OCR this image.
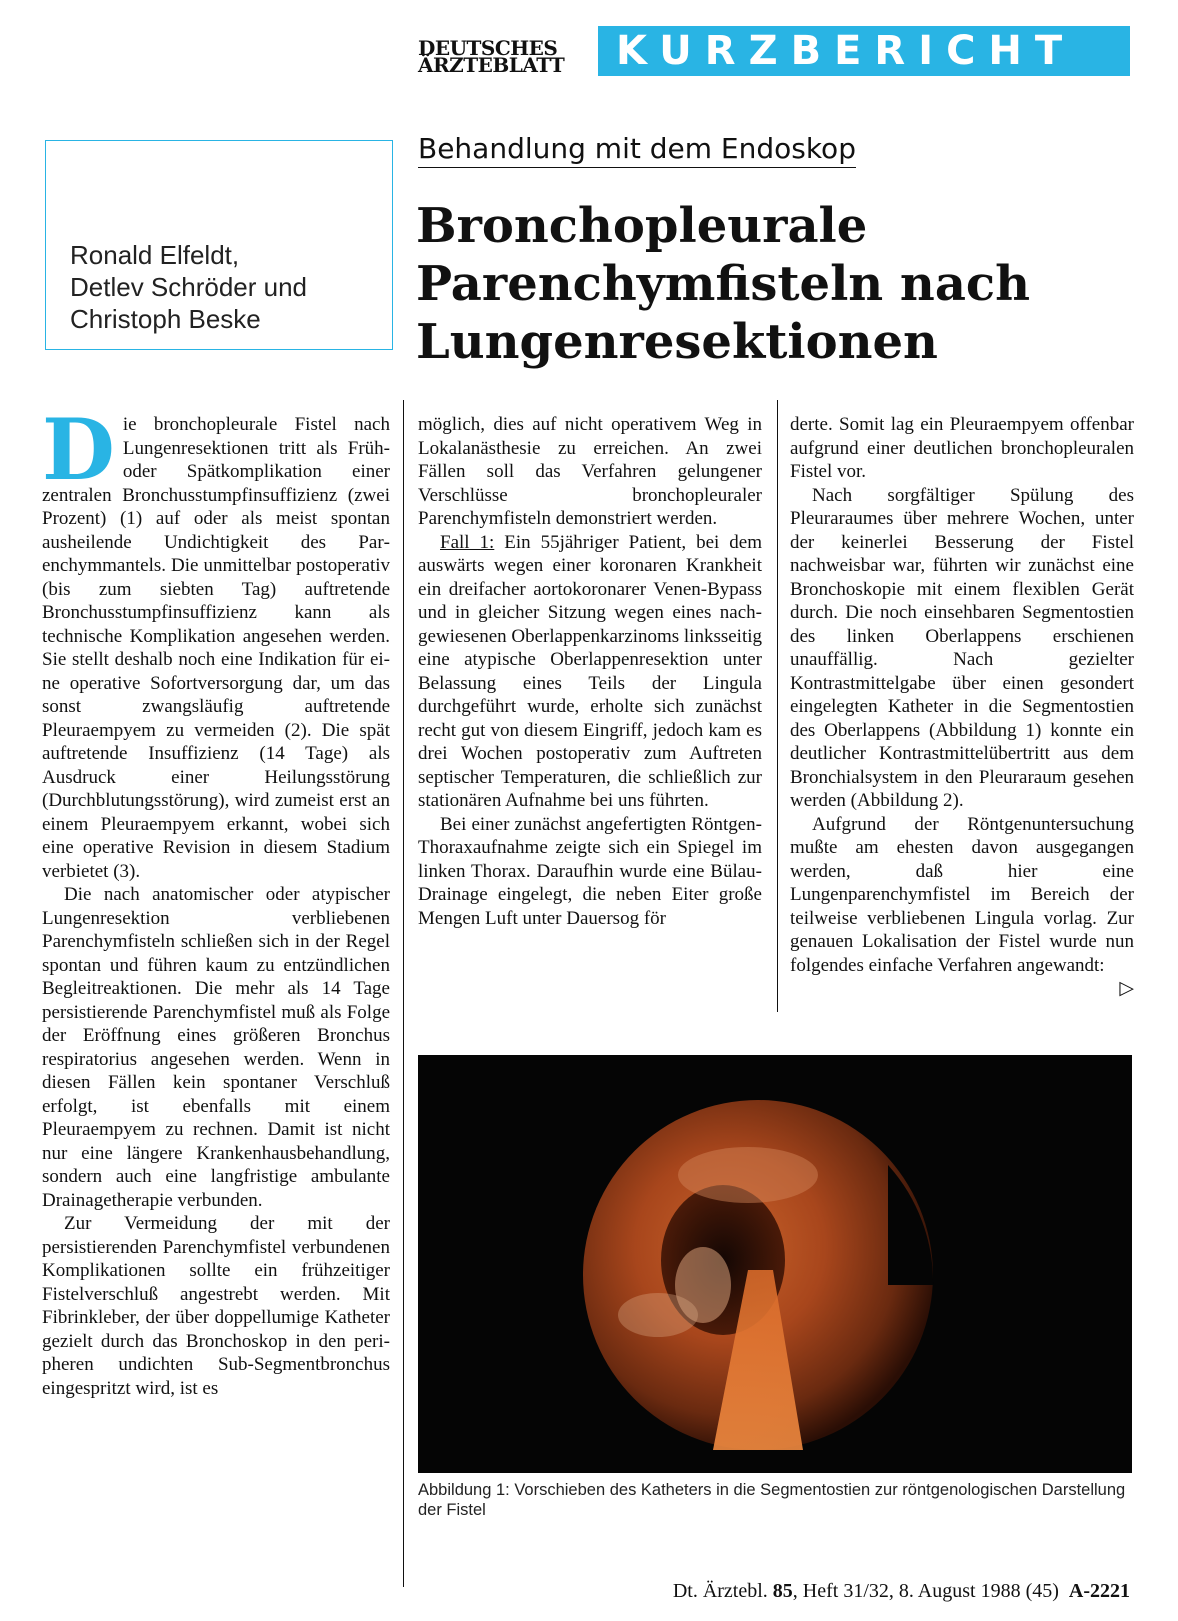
DEUTSCHES
ÄRZTEBLATT	KURZBERICHT
Ronald Elfeldt,
Detlev Schröder und
Christoph Beske
Behandlung mit dem Endoskop
Bronchopleurale
Parenchymfisteln nach
Lungenresektionen

Die bronchopleurale Fistel nach Lungenresektionen tritt als Früh- oder Spätkomplikation einer zentralen Bronchusstumpfinsuffizienz (zwei Prozent) (1) auf oder als meist spontan ausheilende Undichtigkeit des Parenchymmantels. Die unmittelbar postoperativ (bis zum siebten Tag) auftretende Bronchusstumpfinsuffizienz kann als technische Komplikation angesehen werden. Sie stellt deshalb noch eine Indikation für eine operative Sofortversorgung dar, um das sonst zwangsläufig auftretende Pleuraempyem zu vermeiden (2). Die spät auftretende Insuffizienz (14 Tage) als Ausdruck einer Heilungsstörung (Durchblutungsstörung), wird zumeist erst an einem Pleuraempyem erkannt, wobei sich eine operative Revision in diesem Stadium verbietet (3).

Die nach anatomischer oder atypischer Lungenresektion verbliebenen Parenchymfisteln schließen sich in der Regel spontan und führen kaum zu entzündlichen Begleitreaktionen. Die mehr als 14 Tage persistierende Parenchymfistel muß als Folge der Eröffnung eines größeren Bronchus respiratorius angesehen werden. Wenn in diesen Fällen kein spontaner Verschluß erfolgt, ist ebenfalls mit einem Pleuraempyem zu rechnen. Damit ist nicht nur eine längere Krankenhausbehandlung, sondern auch eine langfristige ambulante Drainagetherapie verbunden.

Zur Vermeidung der mit der persistierenden Parenchymfistel verbundenen Komplikationen sollte ein frühzeitiger Fistelverschluß angestrebt werden. Mit Fibrinkleber, der über doppellumige Katheter gezielt durch das Bronchoskop in den peripheren undichten Sub-Segmentbronchus eingespritzt wird, ist es

möglich, dies auf nicht operativem Weg in Lokalanästhesie zu erreichen. An zwei Fällen soll das Verfahren gelungener Verschlüsse bronchopleuraler Parenchymfisteln demonstriert werden.

Fall 1: Ein 55jähriger Patient, bei dem auswärts wegen einer koronaren Krankheit ein dreifacher aortokoronarer Venen-Bypass und in gleicher Sitzung wegen eines nachgewiesenen Oberlappenkarzinoms linksseitig eine atypische Oberlappenresektion unter Belassung eines Teils der Lingula durchgeführt wurde, erholte sich zunächst recht gut von diesem Eingriff, jedoch kam es drei Wochen postoperativ zum Auftreten septischer Temperaturen, die schließlich zur stationären Aufnahme bei uns führten.

Bei einer zunächst angefertigten Röntgen-Thoraxaufnahme zeigte sich ein Spiegel im linken Thorax. Daraufhin wurde eine Bülau-Drainage eingelegt, die neben Eiter große Mengen Luft unter Dauersog för

derte. Somit lag ein Pleuraempyem offenbar aufgrund einer deutlichen bronchopleuralen Fistel vor.

Nach sorgfältiger Spülung des Pleuraraumes über mehrere Wochen, unter der keinerlei Besserung der Fistel nachweisbar war, führten wir zunächst eine Bronchoskopie mit einem flexiblen Gerät durch. Die noch einsehbaren Segmentostien des linken Oberlappens erschienen unauffällig. Nach gezielter Kontrastmittelgabe über einen gesondert eingelegten Katheter in die Segmentostien des Oberlappens (Abbildung 1) konnte ein deutlicher Kontrastmittelübertritt aus dem Bronchialsystem in den Pleuraraum gesehen werden (Abbildung 2).

Aufgrund der Röntgenuntersuchung mußte am ehesten davon ausgegangen werden, daß hier eine Lungenparenchymfistel im Bereich der teilweise verbliebenen Lingula vorlag. Zur genauen Lokalisation der Fistel wurde nun folgendes einfache Verfahren angewandt:
▷

Abbildung 1: Vorschieben des Katheters in die Segmentostien zur röntgenologischen Darstellung der Fistel
Dt. Ärztebl. 85, Heft 31/32, 8. August 1988 (45) A-2221
